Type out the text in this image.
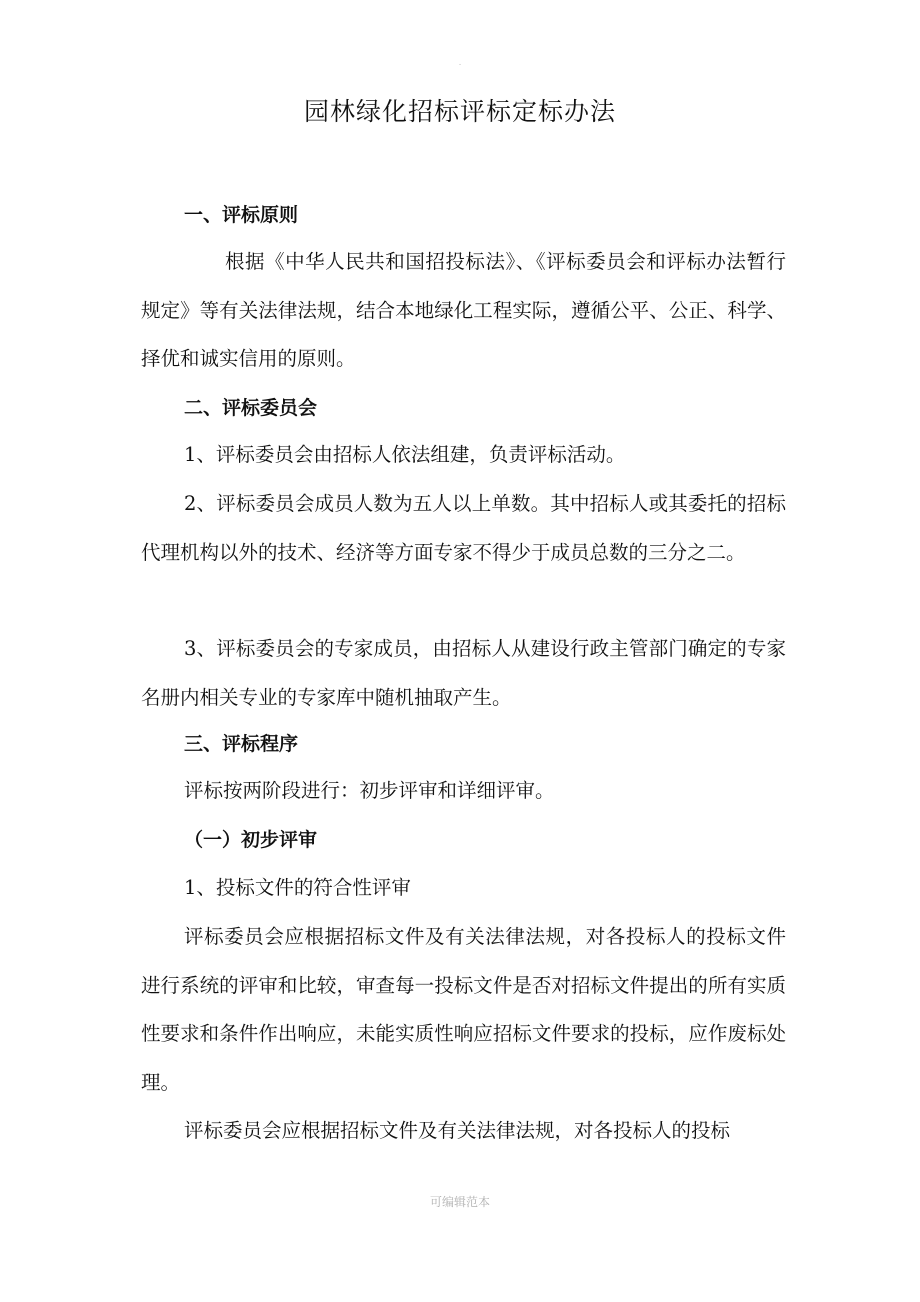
.
园林绿化招标评标定标办法

一、评标原则

根据《中华人民共和国招投标法》、《评标委员会和评标办法暂行规定》等有关法律法规，结合本地绿化工程实际，遵循公平、公正、科学、择优和诚实信用的原则。

二、评标委员会

1、评标委员会由招标人依法组建，负责评标活动。

2、评标委员会成员人数为五人以上单数。其中招标人或其委托的招标代理机构以外的技术、经济等方面专家不得少于成员总数的三分之二。

3、评标委员会的专家成员，由招标人从建设行政主管部门确定的专家名册内相关专业的专家库中随机抽取产生。

三、评标程序

评标按两阶段进行：初步评审和详细评审。

（一）初步评审

1、投标文件的符合性评审

评标委员会应根据招标文件及有关法律法规，对各投标人的投标文件进行系统的评审和比较，审查每一投标文件是否对招标文件提出的所有实质性要求和条件作出响应，未能实质性响应招标文件要求的投标，应作废标处理。

评标委员会应根据招标文件及有关法律法规，对各投标人的投标

可编辑范本
